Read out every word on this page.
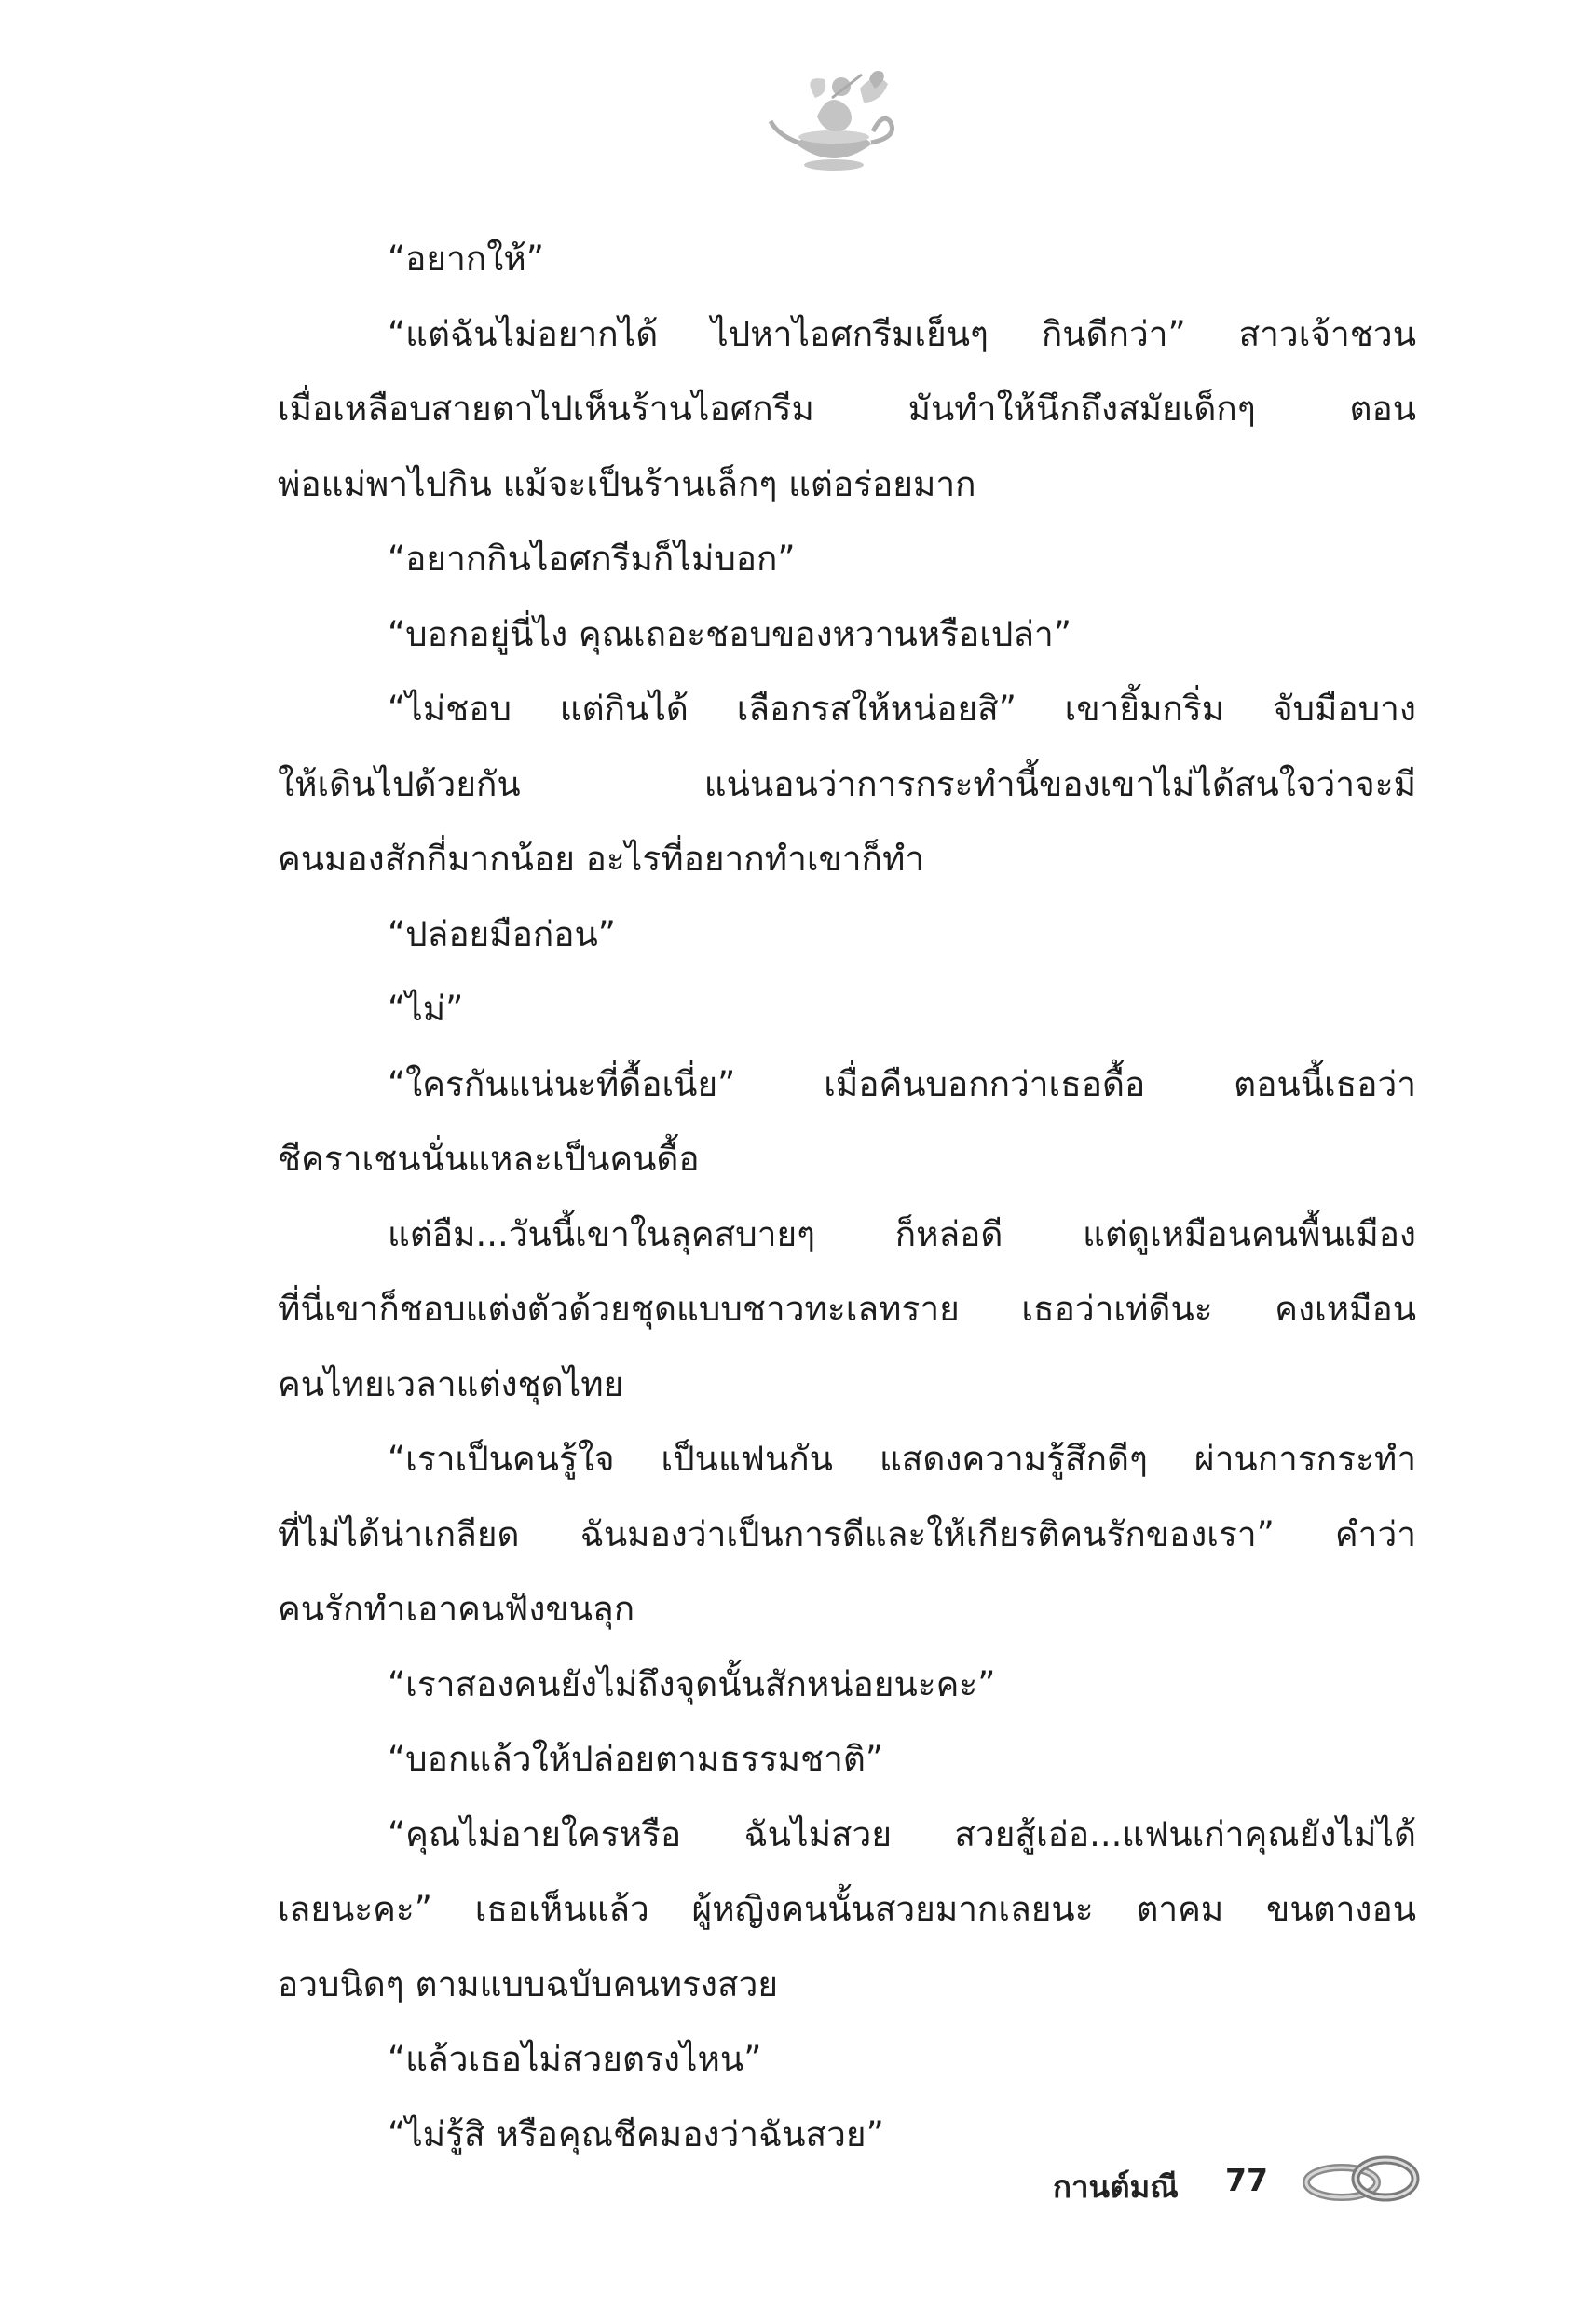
“อยากให้”
“แต่ฉันไม่อยากได้ ไปหาไอศกรีมเย็นๆ กินดีกว่า” สาวเจ้าชวน
เมื่อเหลือบสายตาไปเห็นร้านไอศกรีม มันทำให้นึกถึงสมัยเด็กๆ ตอน
พ่อแม่พาไปกิน แม้จะเป็นร้านเล็กๆ แต่อร่อยมาก
“อยากกินไอศกรีมก็ไม่บอก”
“บอกอยู่นี่ไง คุณเถอะชอบของหวานหรือเปล่า”
“ไม่ชอบ แต่กินได้ เลือกรสให้หน่อยสิ” เขายิ้มกริ่ม จับมือบาง
ให้เดินไปด้วยกัน แน่นอนว่าการกระทำนี้ของเขาไม่ได้สนใจว่าจะมี
คนมองสักกี่มากน้อย อะไรที่อยากทำเขาก็ทำ
“ปล่อยมือก่อน”
“ไม่”
“ใครกันแน่นะที่ดื้อเนี่ย” เมื่อคืนบอกกว่าเธอดื้อ ตอนนี้เธอว่า
ชีคราเชนนั่นแหละเป็นคนดื้อ
แต่อืม...วันนี้เขาในลุคสบายๆ ก็หล่อดี แต่ดูเหมือนคนพื้นเมือง
ที่นี่เขาก็ชอบแต่งตัวด้วยชุดแบบชาวทะเลทราย เธอว่าเท่ดีนะ คงเหมือน
คนไทยเวลาแต่งชุดไทย
“เราเป็นคนรู้ใจ เป็นแฟนกัน แสดงความรู้สึกดีๆ ผ่านการกระทำ
ที่ไม่ได้น่าเกลียด ฉันมองว่าเป็นการดีและให้เกียรติคนรักของเรา” คำว่า
คนรักทำเอาคนฟังขนลุก
“เราสองคนยังไม่ถึงจุดนั้นสักหน่อยนะคะ”
“บอกแล้วให้ปล่อยตามธรรมชาติ”
“คุณไม่อายใครหรือ ฉันไม่สวย สวยสู้เอ่อ...แฟนเก่าคุณยังไม่ได้
เลยนะคะ” เธอเห็นแล้ว ผู้หญิงคนนั้นสวยมากเลยนะ ตาคม ขนตางอน
อวบนิดๆ ตามแบบฉบับคนทรงสวย
“แล้วเธอไม่สวยตรงไหน”
“ไม่รู้สิ หรือคุณชีคมองว่าฉันสวย”
กานต์มณี 77
